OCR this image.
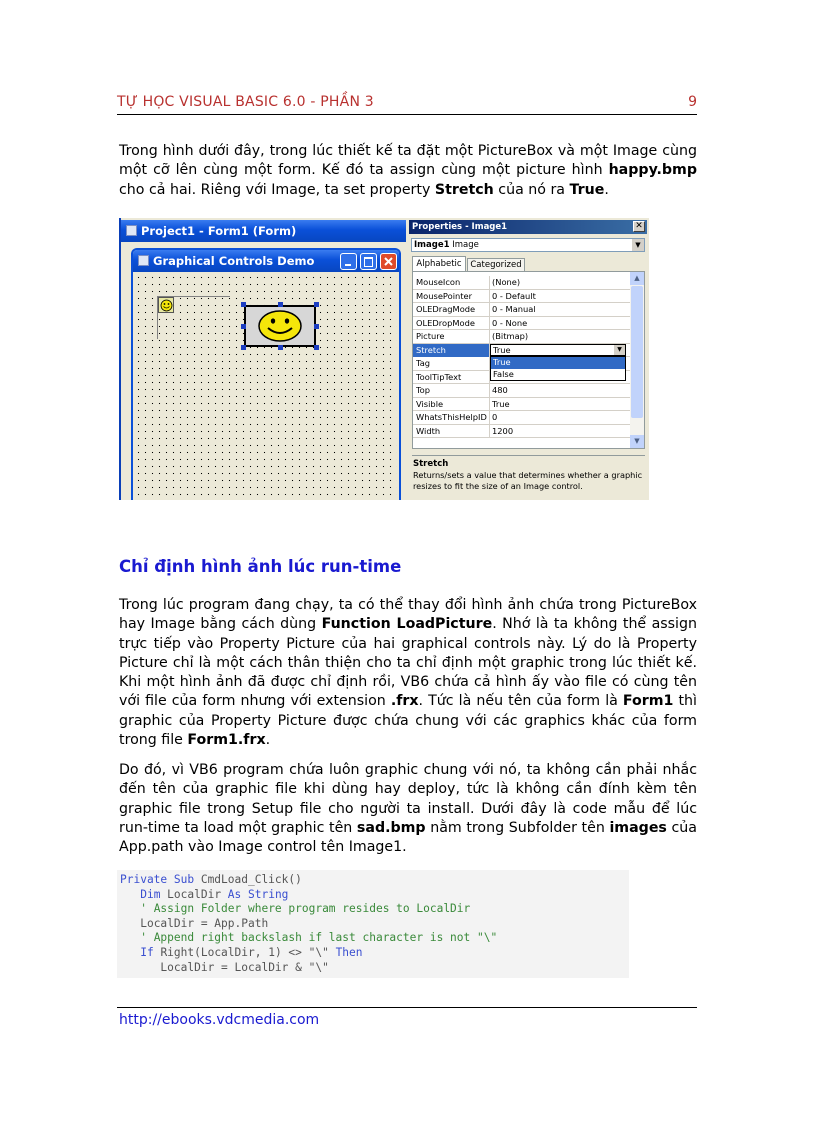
TỰ HỌC VISUAL BASIC 6.0 - PHẦN 3	9

Trong hình dưới đây, trong lúc thiết kế ta đặt một PictureBox và một Image cùng một cỡ lên cùng một form. Kế đó ta assign cùng một picture hình happy.bmp cho cả hai. Riêng với Image, ta set property Stretch của nó ra True.

Project1 - Form1 (Form)
Graphical Controls Demo
Properties - Image1	✕
Image1 Image	▼
Alphabetic	Categorized
MouseIcon	(None)
MousePointer	0 - Default
OLEDragMode	0 - Manual
OLEDropMode	0 - None
Picture	(Bitmap)
Stretch	True	▼
Tag
ToolTipText
Top	480
Visible	True
WhatsThisHelpID 0
Width	1200
True
False
▲
▼
Stretch
Returns/sets a value that determines whether a graphic resizes to fit the size of an Image control.
Chỉ định hình ảnh lúc run-time

Trong lúc program đang chạy, ta có thể thay đổi hình ảnh chứa trong PictureBox hay Image bằng cách dùng Function LoadPicture. Nhớ là ta không thể assign trực tiếp vào Property Picture của hai graphical controls này. Lý do là Property Picture chỉ là một cách thân thiện cho ta chỉ định một graphic trong lúc thiết kế. Khi một hình ảnh đã được chỉ định rồi, VB6 chứa cả hình ấy vào file có cùng tên với file của form nhưng với extension .frx. Tức là nếu tên của form là Form1 thì graphic của Property Picture được chứa chung với các graphics khác của form trong file Form1.frx.

Do đó, vì VB6 program chứa luôn graphic chung với nó, ta không cần phải nhắc đến tên của graphic file khi dùng hay deploy, tức là không cần đính kèm tên graphic file trong Setup file cho người ta install. Dưới đây là code mẫu để lúc run-time ta load một graphic tên sad.bmp nằm trong Subfolder tên images của App.path vào Image control tên Image1.

Private Sub CmdLoad_Click()
Dim LocalDir As String
' Assign Folder where program resides to LocalDir
LocalDir = App.Path
' Append right backslash if last character is not "\"
If Right(LocalDir, 1) <> "\" Then
LocalDir = LocalDir & "\"
http://ebooks.vdcmedia.com
